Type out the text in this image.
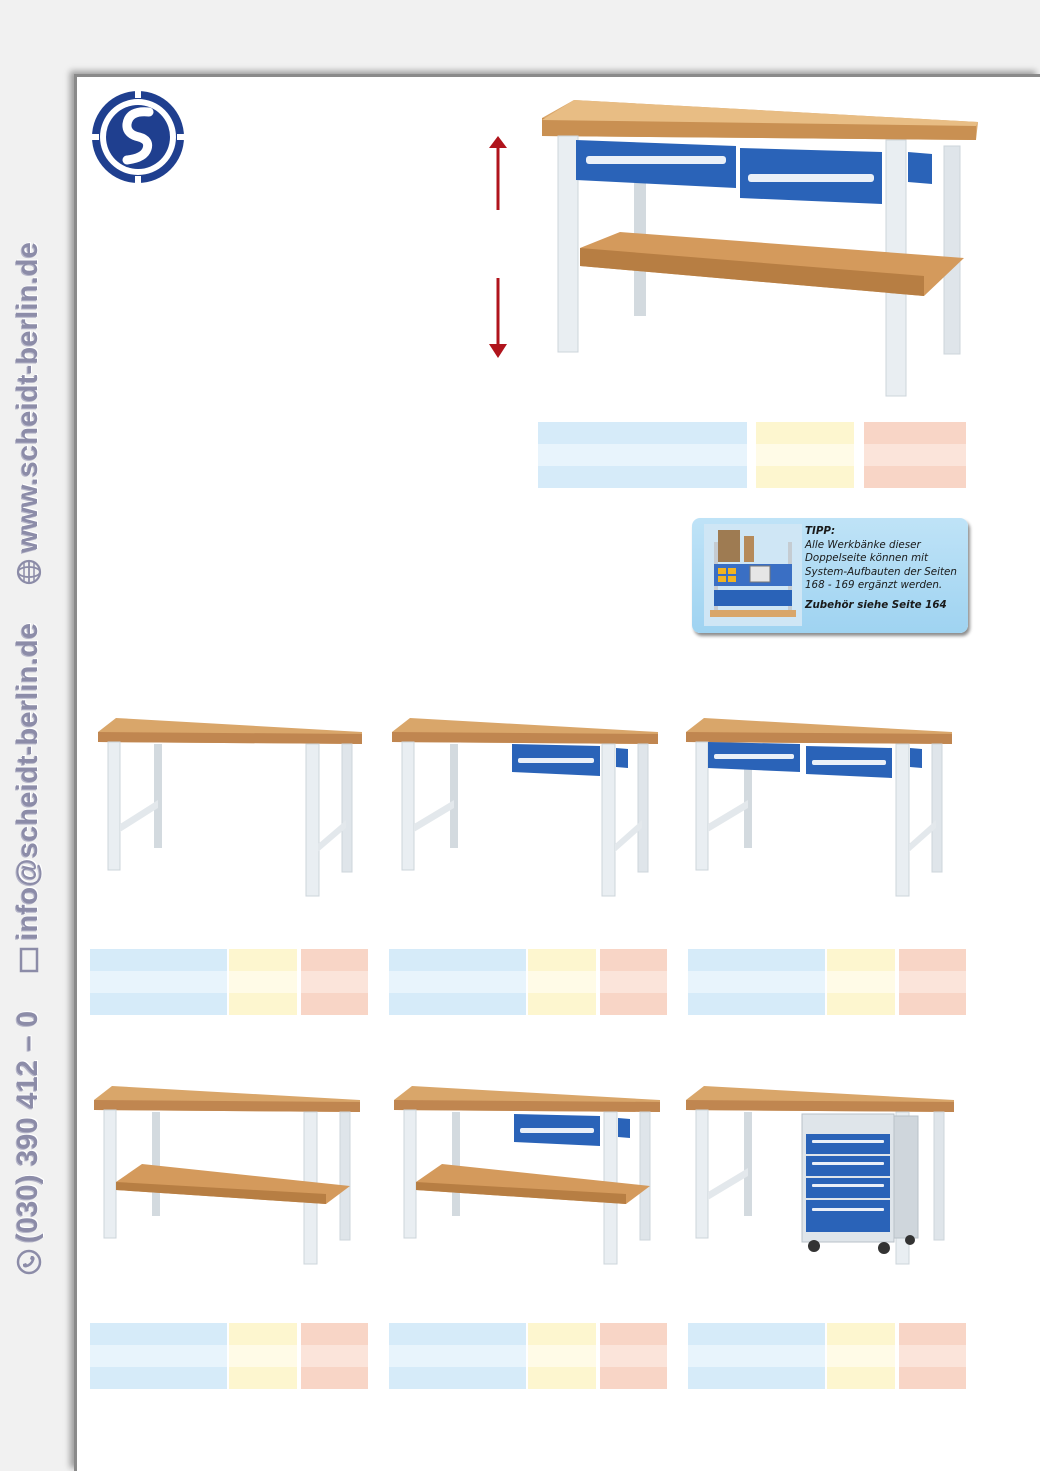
(030) 390 412 – 0
info@scheidt-berlin.de
www.scheidt-berlin.de	TIPP:
Alle Werkbänke dieser Doppelseite können mit System-Aufbauten der Seiten 168 - 169 ergänzt werden.
Zubehör siehe Seite 164
